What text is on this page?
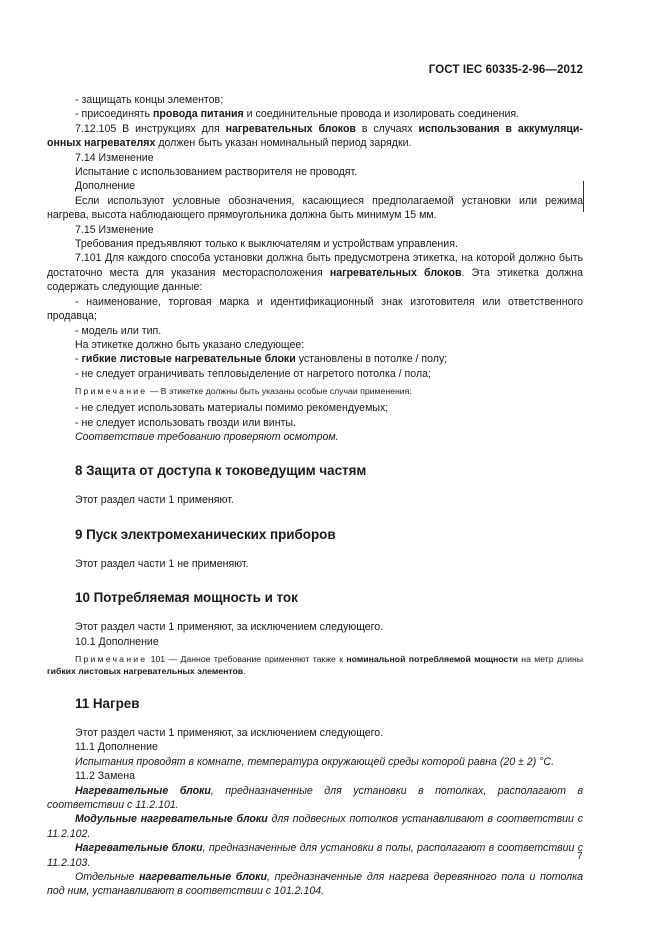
ГОСТ IEC 60335-2-96—2012

- защищать концы элементов;

- присоединять провода питания и соединительные провода и изолировать соединения.

7.12.105 В инструкциях для нагревательных блоков в случаях использования в аккумуляци-онных нагревателях должен быть указан номинальный период зарядки.

7.14 Изменение

Испытание с использованием растворителя не проводят.

Дополнение

Если используют условные обозначения, касающиеся предполагаемой установки или режима нагрева, высота наблюдающего прямоугольника должна быть минимум 15 мм.

7.15 Изменение

Требования предъявляют только к выключателям и устройствам управления.

7.101 Для каждого способа установки должна быть предусмотрена этикетка, на которой должно быть достаточно места для указания месторасположения нагревательных блоков. Эта этикетка должна содержать следующие данные:

- наименование, торговая марка и идентификационный знак изготовителя или ответственного продавца;

- модель или тип.

На этикетке должно быть указано следующее:

- гибкие листовые нагревательные блоки установлены в потолке / полу;

- не следует ограничивать тепловыделение от нагретого потолка / пола;

Примечание — В этикетке должны быть указаны особые случаи применения:

- не следует использовать материалы помимо рекомендуемых;

- не следует использовать гвозди или винты.

Соответствие требованию проверяют осмотром.

8 Защита от доступа к токоведущим частям

Этот раздел части 1 применяют.

9 Пуск электромеханических приборов

Этот раздел части 1 не применяют.

10 Потребляемая мощность и ток

Этот раздел части 1 применяют, за исключением следующего.

10.1 Дополнение

Примечание 101 — Данное требование применяют также к номинальной потребляемой мощности на метр длины гибких листовых нагревательных элементов.

11 Нагрев

Этот раздел части 1 применяют, за исключением следующего.

11.1 Дополнение

Испытания проводят в комнате, температура окружающей среды которой равна (20 ± 2) °С.

11.2 Замена

Нагревательные блоки, предназначенные для установки в потолках, располагают в соответствии с 11.2.101.

Модульные нагревательные блоки для подвесных потолков устанавливают в соответствии с 11.2.102.

Нагревательные блоки, предназначенные для установки в полы, располагают в соответствии с 11.2.103.

Отдельные нагревательные блоки, предназначенные для нагрева деревянного пола и потолка под ним, устанавливают в соответствии с 101.2.104.

7
